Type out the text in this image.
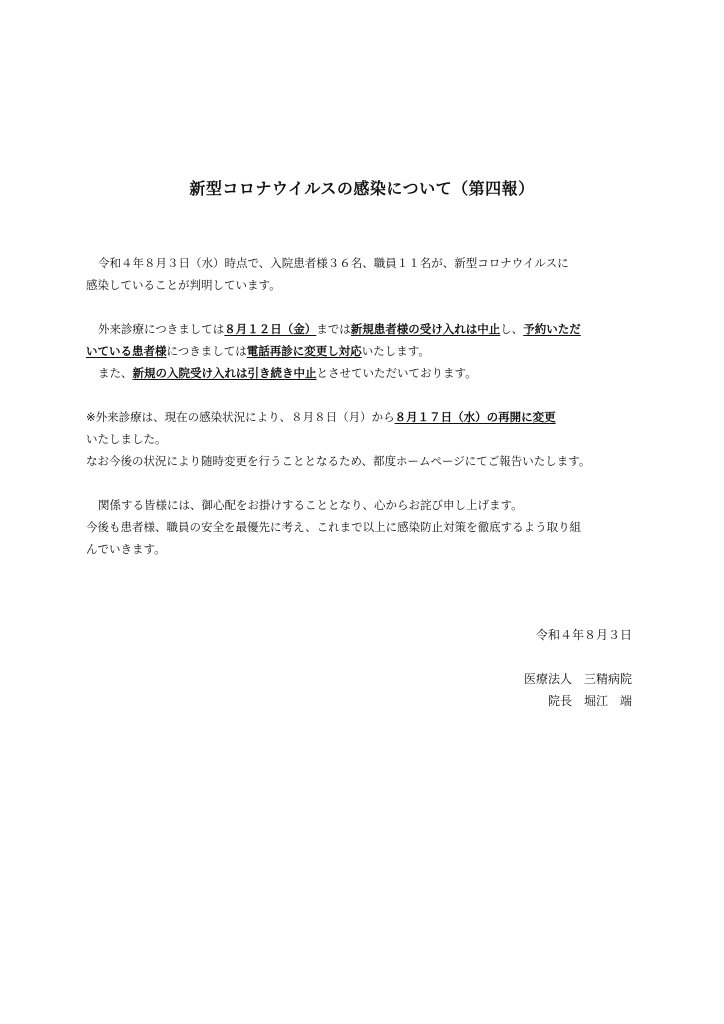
新型コロナウイルスの感染について（第四報）

令和４年８月３日（水）時点で、入院患者様３６名、職員１１名が、新型コロナウイルスに

感染していることが判明しています。

外来診療につきましては８月１２日（金）までは新規患者様の受け入れは中止し、予約いただ

いている患者様につきましては電話再診に変更し対応いたします。

また、新規の入院受け入れは引き続き中止とさせていただいております。

※外来診療は、現在の感染状況により、８月８日（月）から８月１７日（水）の再開に変更

いたしました。

なお今後の状況により随時変更を行うこととなるため、都度ホームページにてご報告いたします。

関係する皆様には、御心配をお掛けすることとなり、心からお詫び申し上げます。

今後も患者様、職員の安全を最優先に考え、これまで以上に感染防止対策を徹底するよう取り組

んでいきます。

令和４年８月３日

医療法人　三精病院

院長　堀江　端
